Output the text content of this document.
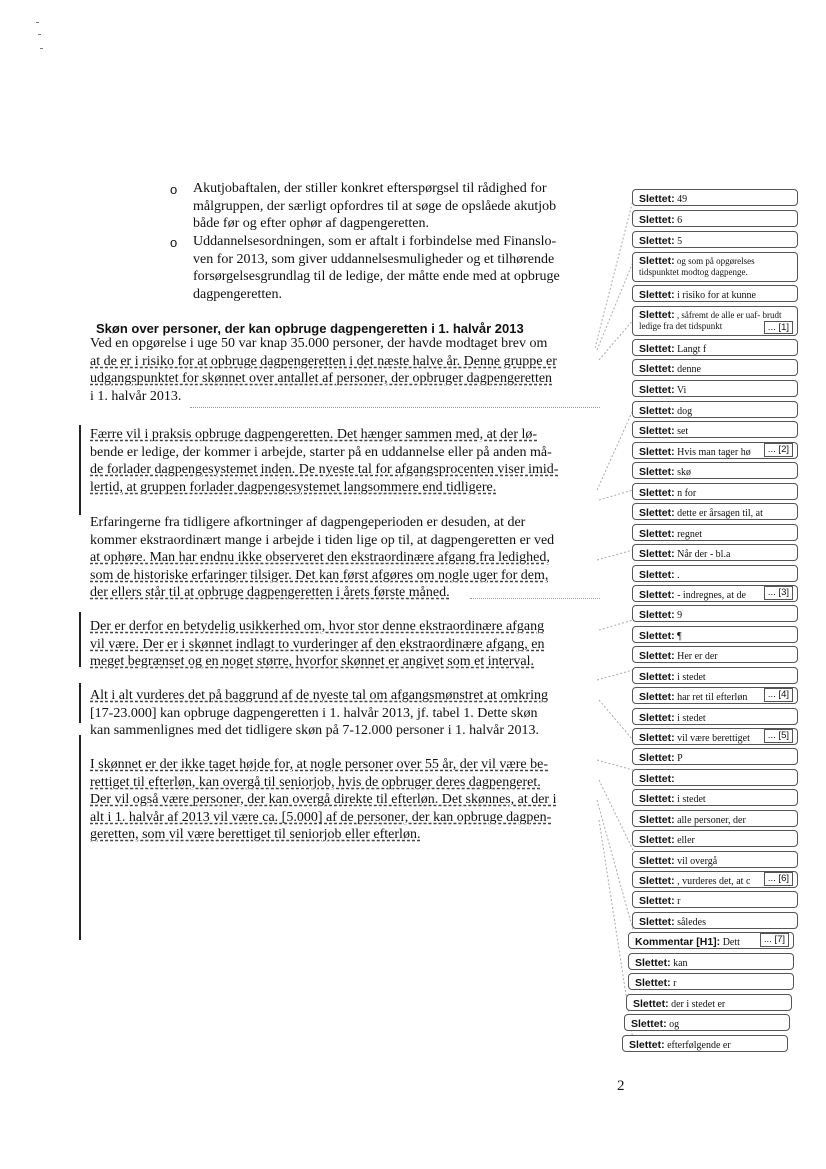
o Akutjobaftalen, der stiller konkret efterspørgsel til rådighed for
målgruppen, der særligt opfordres til at søge de opslåede akutjob
både før og efter ophør af dagpengeretten.
o Uddannelsesordningen, som er aftalt i forbindelse med Finanslo-
ven for 2013, som giver uddannelsesmuligheder og et tilhørende
forsørgelsesgrundlag til de ledige, der måtte ende med at opbruge
dagpengeretten.
Skøn over personer, der kan opbruge dagpengeretten i 1. halvår 2013
Ved en opgørelse i uge 50 var knap 35.000 personer, der havde modtaget brev om
at de er i risiko for at opbruge dagpengeretten i det næste halve år. Denne gruppe er
udgangspunktet for skønnet over antallet af personer, der opbruger dagpengeretten
i 1. halvår 2013.
Færre vil i praksis opbruge dagpengeretten. Det hænger sammen med, at der lø-
bende er ledige, der kommer i arbejde, starter på en uddannelse eller på anden må-
de forlader dagpengesystemet inden. De nyeste tal for afgangsprocenten viser imid-
lertid, at gruppen forlader dagpengesystemet langsommere end tidligere.
Erfaringerne fra tidligere afkortninger af dagpengeperioden er desuden, at der
kommer ekstraordinært mange i arbejde i tiden lige op til, at dagpengeretten er ved
at ophøre. Man har endnu ikke observeret den ekstraordinære afgang fra ledighed,
som de historiske erfaringer tilsiger. Det kan først afgøres om nogle uger for dem,
der ellers står til at opbruge dagpengeretten i årets første måned.
Der er derfor en betydelig usikkerhed om, hvor stor denne ekstraordinære afgang
vil være. Der er i skønnet indlagt to vurderinger af den ekstraordinære afgang, en
meget begrænset og en noget større, hvorfor skønnet er angivet som et interval.
Alt i alt vurderes det på baggrund af de nyeste tal om afgangsmønstret at omkring
[17-23.000] kan opbruge dagpengeretten i 1. halvår 2013, jf. tabel 1. Dette skøn
kan sammenlignes med det tidligere skøn på 7-12.000 personer i 1. halvår 2013.
I skønnet er der ikke taget højde for, at nogle personer over 55 år, der vil være be-
rettiget til efterløn, kan overgå til seniorjob, hvis de opbruger deres dagpengeret.
Der vil også være personer, der kan overgå direkte til efterløn. Det skønnes, at der i
alt i 1. halvår af 2013 vil være ca. [5.000] af de personer, der kan opbruge dagpen-
geretten, som vil være berettiget til seniorjob eller efterløn.
Slettet: 49
Slettet: 6
Slettet: 5
Slettet: og som på opgørelses tidspunktet modtog dagpenge.
Slettet: i risiko for at kunne
Slettet: , såfremt de alle er uaf- brudt ledige fra det tidspunkt	... [1]
Slettet: Langt f
Slettet: denne
Slettet: Vi
Slettet: dog
Slettet: set
Slettet: Hvis man tager hø	... [2]
Slettet: skø
Slettet: n for
Slettet: dette er årsagen til, at
Slettet: regnet
Slettet: Når der - bl.a
Slettet: .
Slettet: - indregnes, at de	... [3]
Slettet: 9
Slettet: ¶
Slettet: Her er der
Slettet: i stedet
Slettet: har ret til efterløn	... [4]
Slettet: i stedet
Slettet: vil være berettiget	... [5]
Slettet: P
Slettet:
Slettet: i stedet
Slettet: alle personer, der
Slettet: eller
Slettet: vil overgå
Slettet: , vurderes det, at c	... [6]
Slettet: r
Slettet: således
Kommentar [H1]: Dett	... [7]
Slettet: kan
Slettet: r
Slettet: der i stedet er
Slettet: og
Slettet: efterfølgende er
2
